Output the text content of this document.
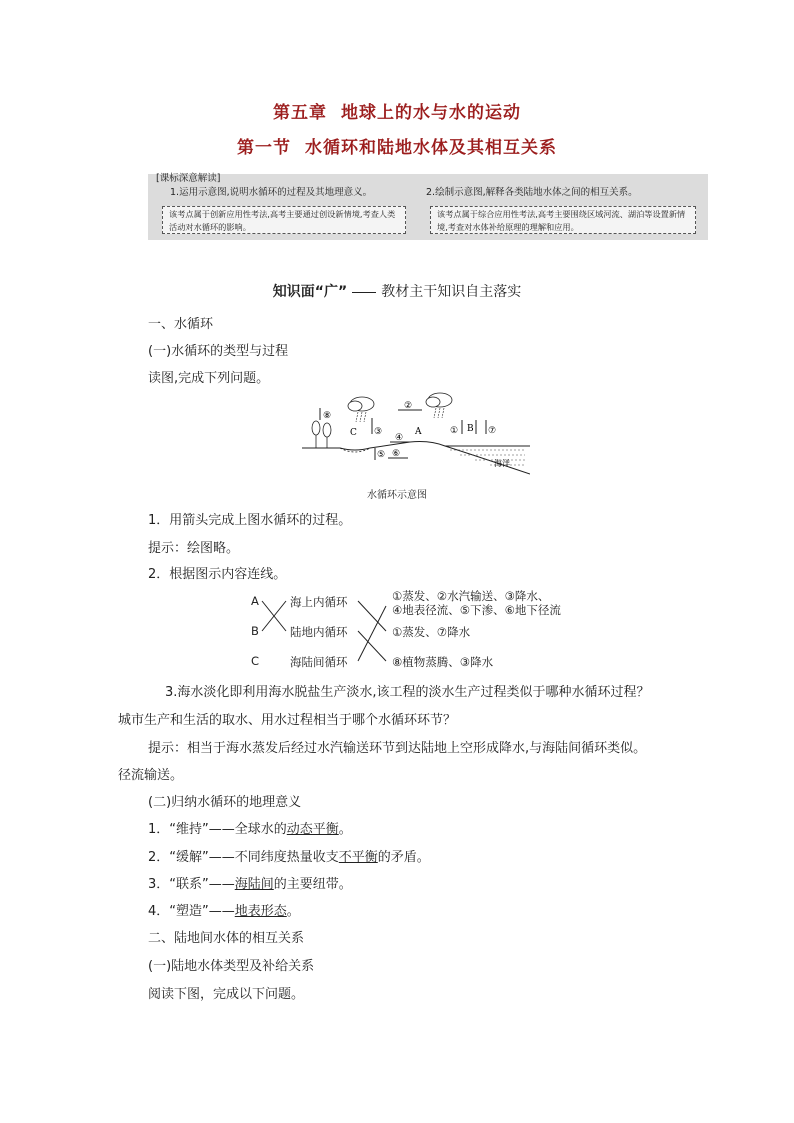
第五章 地球上的水与水的运动
第一节 水循环和陆地水体及其相互关系
[课标深意解读]
1.运用示意图,说明水循环的过程及其地理意义。	2.绘制示意图,解释各类陆地水体之间的相互关系。
该考点属于创新应用性考法,高考主要通过创设新情境,考查人类活动对水循环的影响。
该考点属于综合应用性考法,高考主要围绕区域河流、湖泊等设置新情境,考查对水体补给原理的理解和应用。
知识面“广” 教材主干知识自主落实
一、水循环
(一)水循环的类型与过程
读图,完成下列问题。
⑧
C ③
②
A
④
⑤ ⑥
① B ⑦
海洋
水循环示意图
1．用箭头完成上图水循环的过程。
提示：绘图略。
2．根据图示内容连线。
A
B
C
海上内循环
陆地内循环
海陆间循环
①蒸发、②水汽输送、③降水、
④地表径流、⑤下渗、⑥地下径流
①蒸发、⑦降水
⑧植物蒸腾、③降水
3.海水淡化即利用海水脱盐生产淡水,该工程的淡水生产过程类似于哪种水循环过程？
城市生产和生活的取水、用水过程相当于哪个水循环环节？
提示：相当于海水蒸发后经过水汽输送环节到达陆地上空形成降水,与海陆间循环类似。
径流输送。
(二)归纳水循环的地理意义
1．“维持”——全球水的动态平衡。
2．“缓解”——不同纬度热量收支不平衡的矛盾。
3．“联系”——海陆间的主要纽带。
4．“塑造”——地表形态。
二、陆地间水体的相互关系
(一)陆地水体类型及补给关系
阅读下图，完成以下问题。
